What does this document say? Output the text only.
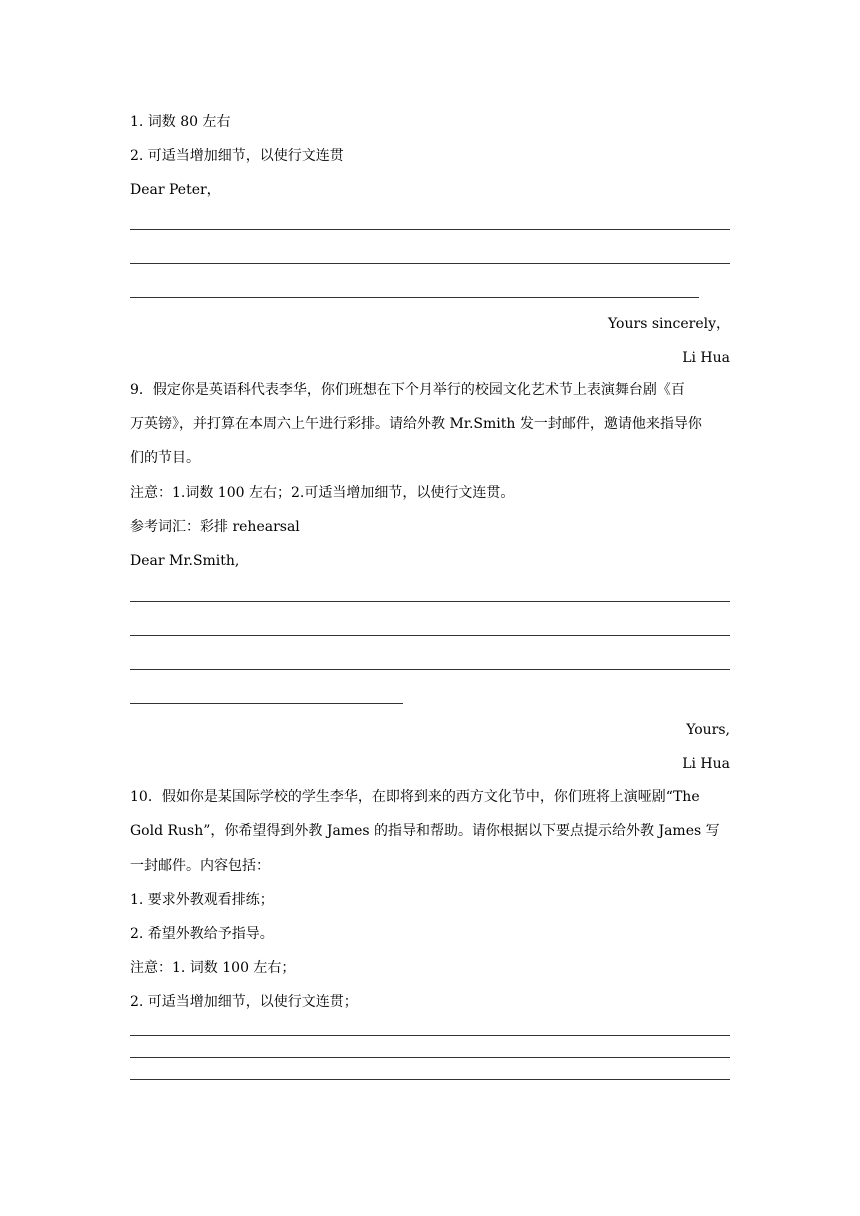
1. 词数 80 左右
2. 可适当增加细节，以使行文连贯
Dear Peter，
Yours sincerely，
Li Hua
9．假定你是英语科代表李华，你们班想在下个月举行的校园文化艺术节上表演舞台剧《百
万英镑》，并打算在本周六上午进行彩排。请给外教 Mr.Smith 发一封邮件，邀请他来指导你
们的节目。
注意：1.词数 100 左右；2.可适当增加细节，以使行文连贯。
参考词汇：彩排 rehearsal
Dear Mr.Smith,
Yours,
Li Hua
10．假如你是某国际学校的学生李华，在即将到来的西方文化节中，你们班将上演哑剧“The
Gold Rush”，你希望得到外教 James 的指导和帮助。请你根据以下要点提示给外教 James 写
一封邮件。内容包括：
1. 要求外教观看排练；
2. 希望外教给予指导。
注意：1. 词数 100 左右；
2. 可适当增加细节，以使行文连贯；
